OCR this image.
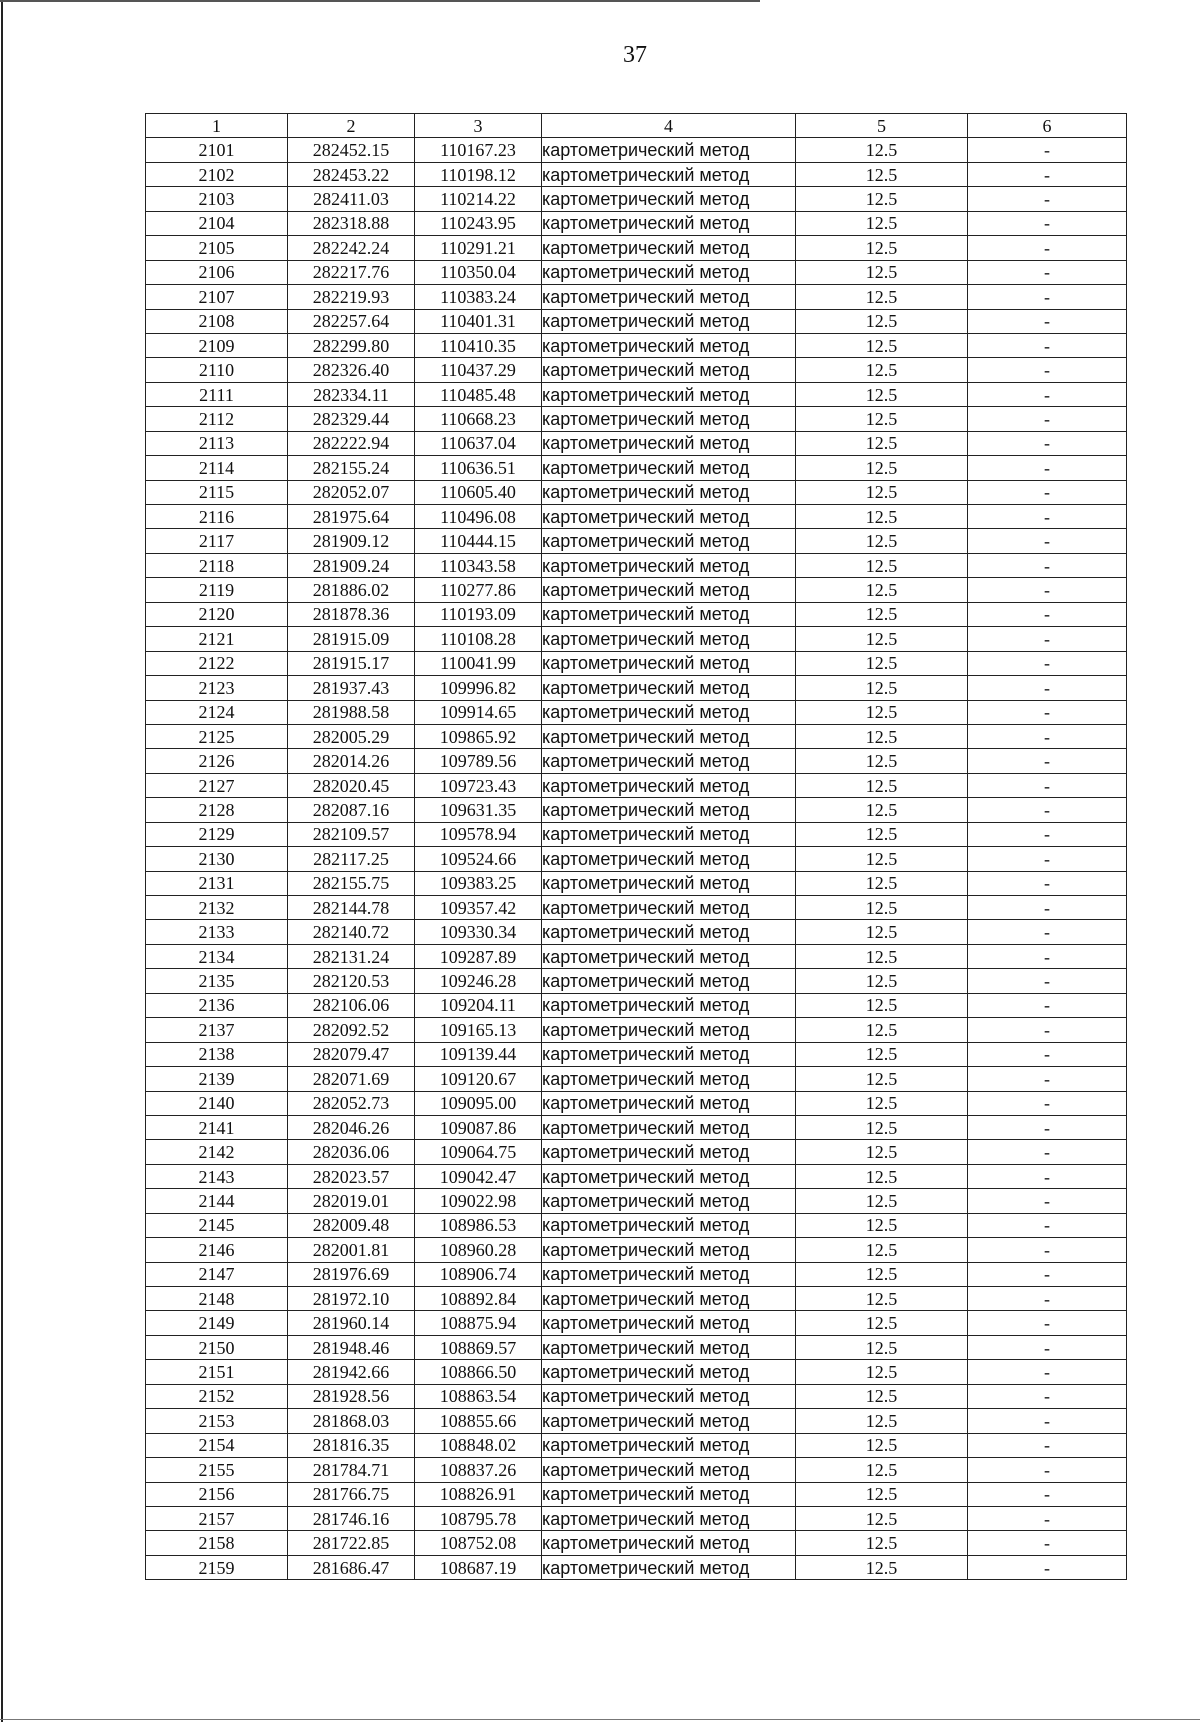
37
1	2	3	4	5	6
2101	282452.15	110167.23	картометрический метод	12.5	-
2102	282453.22	110198.12	картометрический метод	12.5	-
2103	282411.03	110214.22	картометрический метод	12.5	-
2104	282318.88	110243.95	картометрический метод	12.5	-
2105	282242.24	110291.21	картометрический метод	12.5	-
2106	282217.76	110350.04	картометрический метод	12.5	-
2107	282219.93	110383.24	картометрический метод	12.5	-
2108	282257.64	110401.31	картометрический метод	12.5	-
2109	282299.80	110410.35	картометрический метод	12.5	-
2110	282326.40	110437.29	картометрический метод	12.5	-
2111	282334.11	110485.48	картометрический метод	12.5	-
2112	282329.44	110668.23	картометрический метод	12.5	-
2113	282222.94	110637.04	картометрический метод	12.5	-
2114	282155.24	110636.51	картометрический метод	12.5	-
2115	282052.07	110605.40	картометрический метод	12.5	-
2116	281975.64	110496.08	картометрический метод	12.5	-
2117	281909.12	110444.15	картометрический метод	12.5	-
2118	281909.24	110343.58	картометрический метод	12.5	-
2119	281886.02	110277.86	картометрический метод	12.5	-
2120	281878.36	110193.09	картометрический метод	12.5	-
2121	281915.09	110108.28	картометрический метод	12.5	-
2122	281915.17	110041.99	картометрический метод	12.5	-
2123	281937.43	109996.82	картометрический метод	12.5	-
2124	281988.58	109914.65	картометрический метод	12.5	-
2125	282005.29	109865.92	картометрический метод	12.5	-
2126	282014.26	109789.56	картометрический метод	12.5	-
2127	282020.45	109723.43	картометрический метод	12.5	-
2128	282087.16	109631.35	картометрический метод	12.5	-
2129	282109.57	109578.94	картометрический метод	12.5	-
2130	282117.25	109524.66	картометрический метод	12.5	-
2131	282155.75	109383.25	картометрический метод	12.5	-
2132	282144.78	109357.42	картометрический метод	12.5	-
2133	282140.72	109330.34	картометрический метод	12.5	-
2134	282131.24	109287.89	картометрический метод	12.5	-
2135	282120.53	109246.28	картометрический метод	12.5	-
2136	282106.06	109204.11	картометрический метод	12.5	-
2137	282092.52	109165.13	картометрический метод	12.5	-
2138	282079.47	109139.44	картометрический метод	12.5	-
2139	282071.69	109120.67	картометрический метод	12.5	-
2140	282052.73	109095.00	картометрический метод	12.5	-
2141	282046.26	109087.86	картометрический метод	12.5	-
2142	282036.06	109064.75	картометрический метод	12.5	-
2143	282023.57	109042.47	картометрический метод	12.5	-
2144	282019.01	109022.98	картометрический метод	12.5	-
2145	282009.48	108986.53	картометрический метод	12.5	-
2146	282001.81	108960.28	картометрический метод	12.5	-
2147	281976.69	108906.74	картометрический метод	12.5	-
2148	281972.10	108892.84	картометрический метод	12.5	-
2149	281960.14	108875.94	картометрический метод	12.5	-
2150	281948.46	108869.57	картометрический метод	12.5	-
2151	281942.66	108866.50	картометрический метод	12.5	-
2152	281928.56	108863.54	картометрический метод	12.5	-
2153	281868.03	108855.66	картометрический метод	12.5	-
2154	281816.35	108848.02	картометрический метод	12.5	-
2155	281784.71	108837.26	картометрический метод	12.5	-
2156	281766.75	108826.91	картометрический метод	12.5	-
2157	281746.16	108795.78	картометрический метод	12.5	-
2158	281722.85	108752.08	картометрический метод	12.5	-
2159	281686.47	108687.19	картометрический метод	12.5	-
